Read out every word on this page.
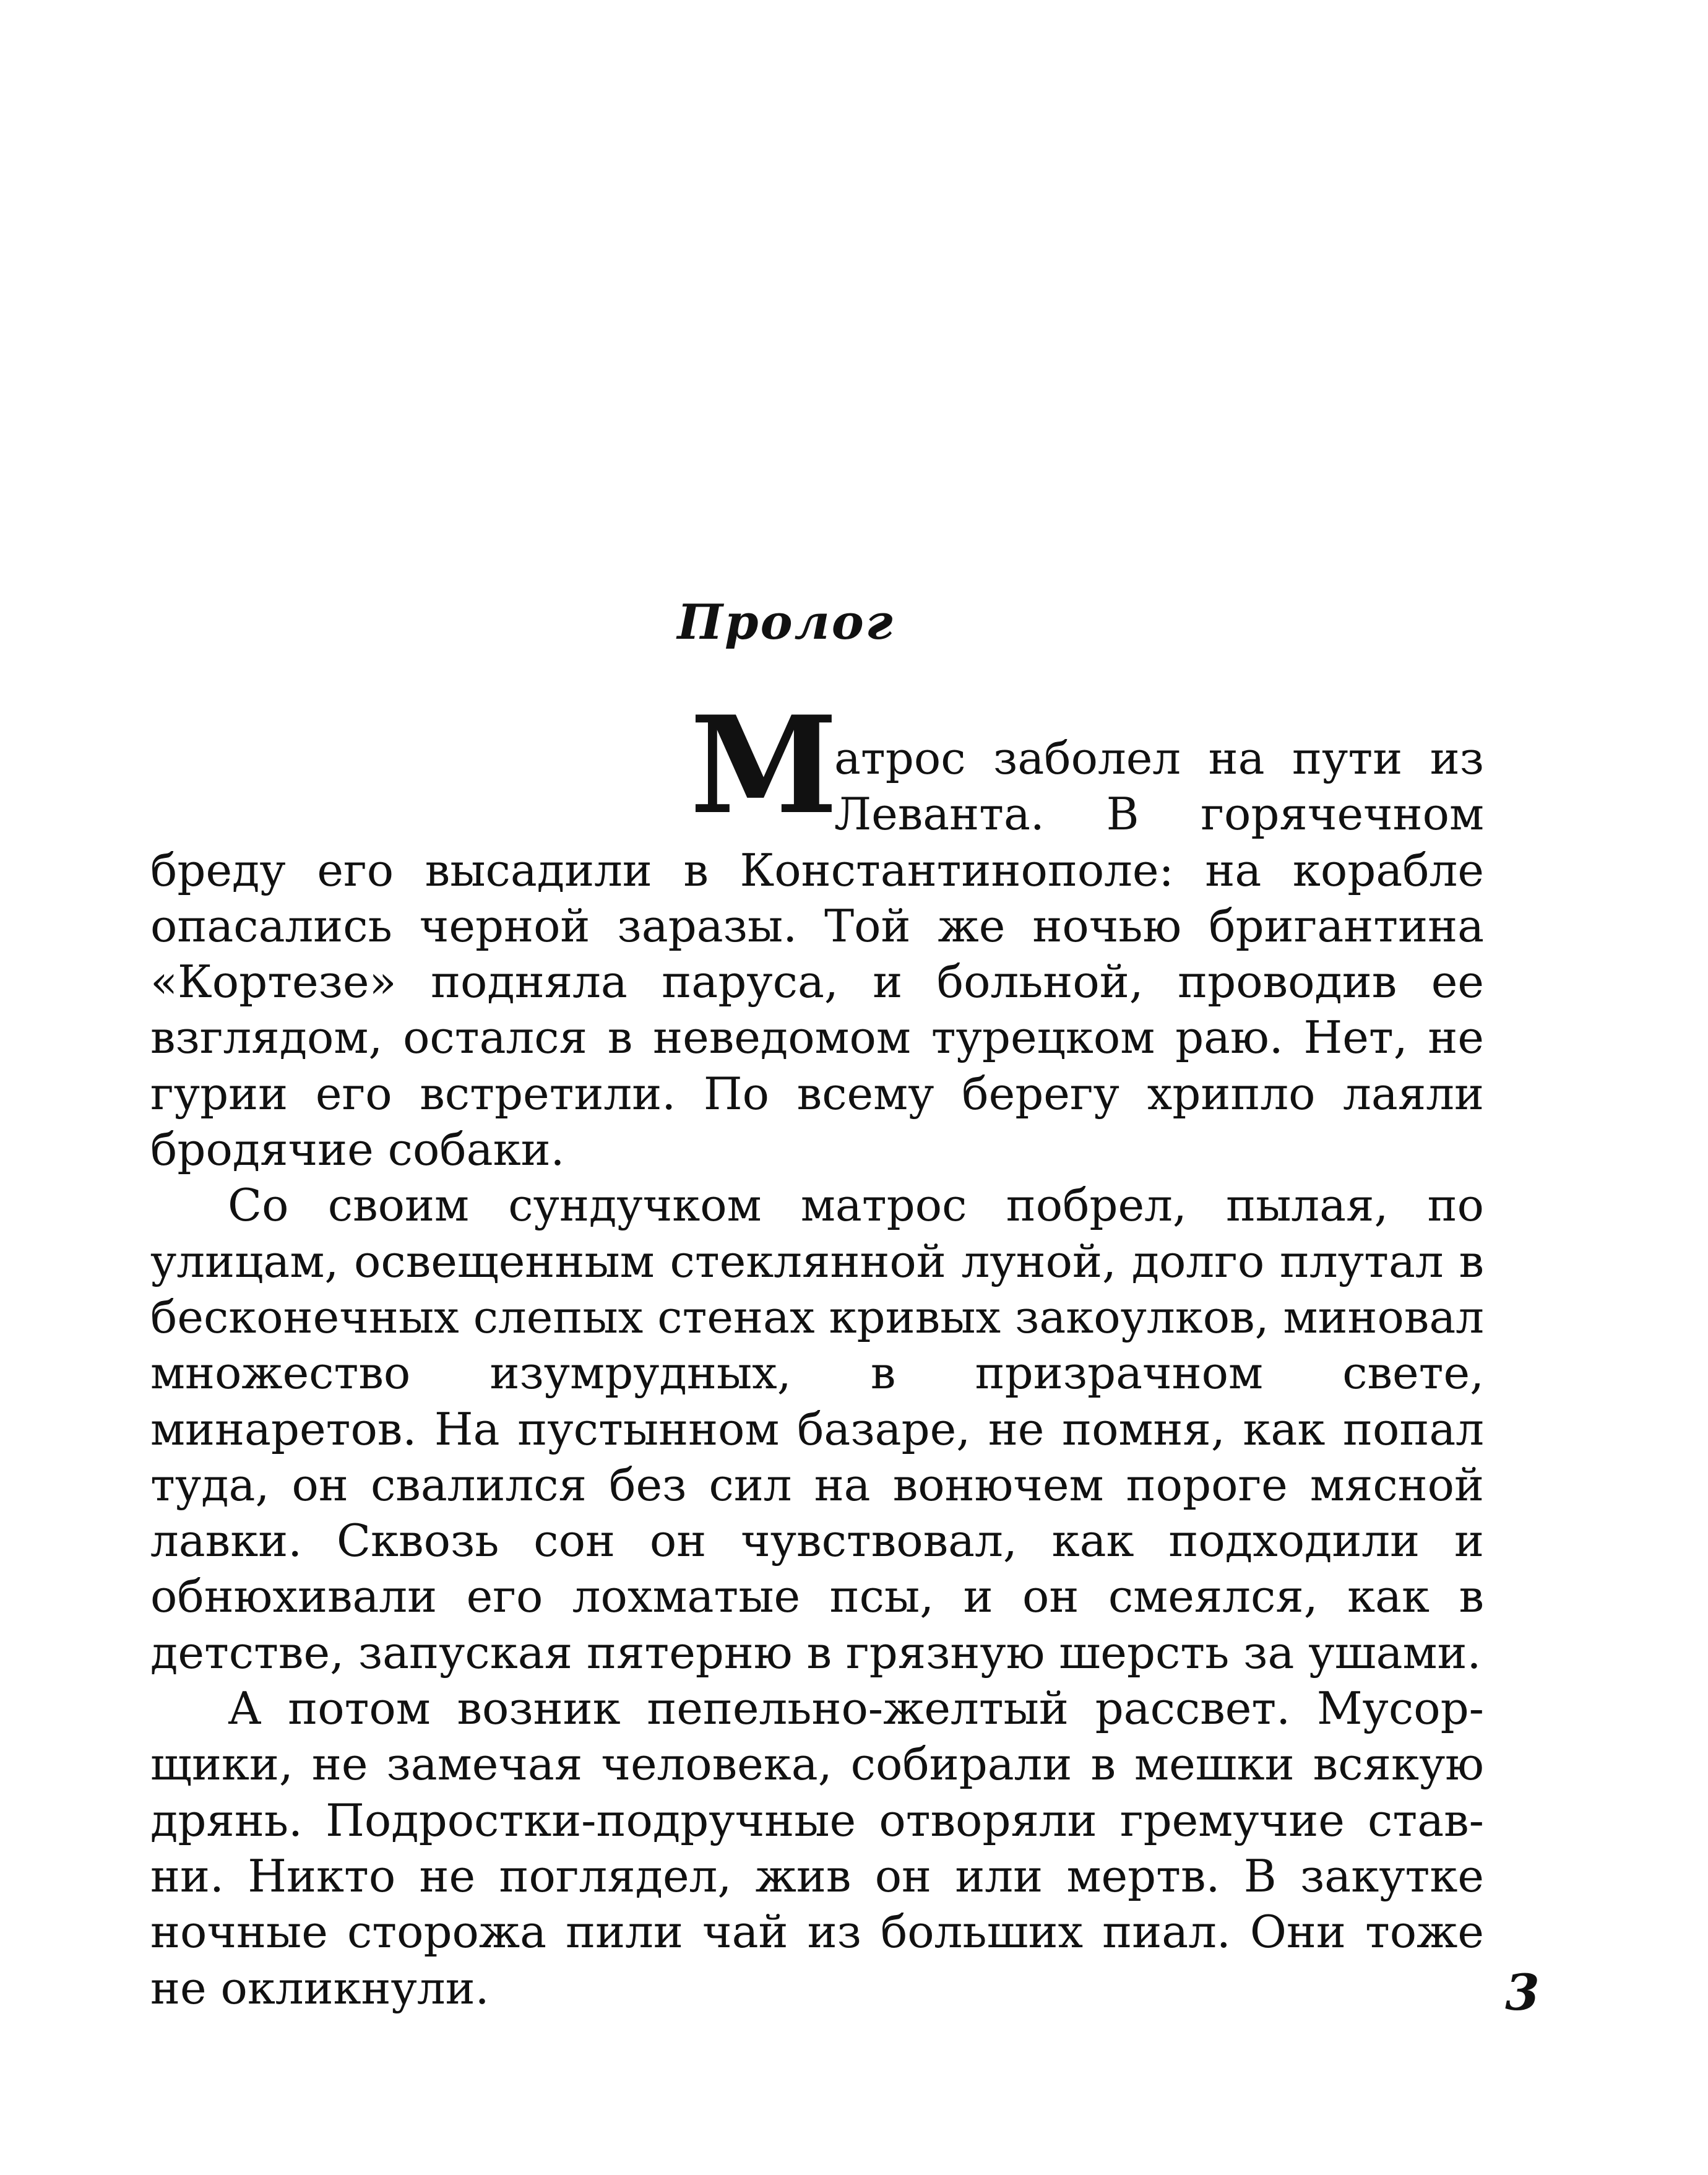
Пролог

М атрос заболел на пути из Леванта. В горячечном бреду его высадили в Константинополе: на корабле опасались черной заразы. Той же ночью бригантина «Кортезе» подняла паруса, и больной, проводив ее взглядом, остался в неведомом турецком раю. Нет, не гурии его встретили. По всему берегу хрипло лаяли бродячие собаки.

Со своим сундучком матрос побрел, пылая, по улицам, освещенным стеклянной луной, долго плутал в бесконечных слепых стенах кривых закоулков, миновал множество изумрудных, в призрачном свете, минаретов. На пустынном базаре, не помня, как попал туда, он свалился без сил на вонючем пороге мясной лавки. Сквозь сон он чувствовал, как подходили и обнюхивали его лохматые псы, и он смеялся, как в детстве, запуская пятерню в грязную шерсть за ушами.

А потом возник пепельно-желтый рассвет. Мусорщики, не замечая человека, собирали в мешки всякую дрянь. Подростки-подручные отворяли гремучие ставни. Никто не поглядел, жив он или мертв. В закутке ночные сторожа пили чай из больших пиал. Они тоже не окликнули.	3
